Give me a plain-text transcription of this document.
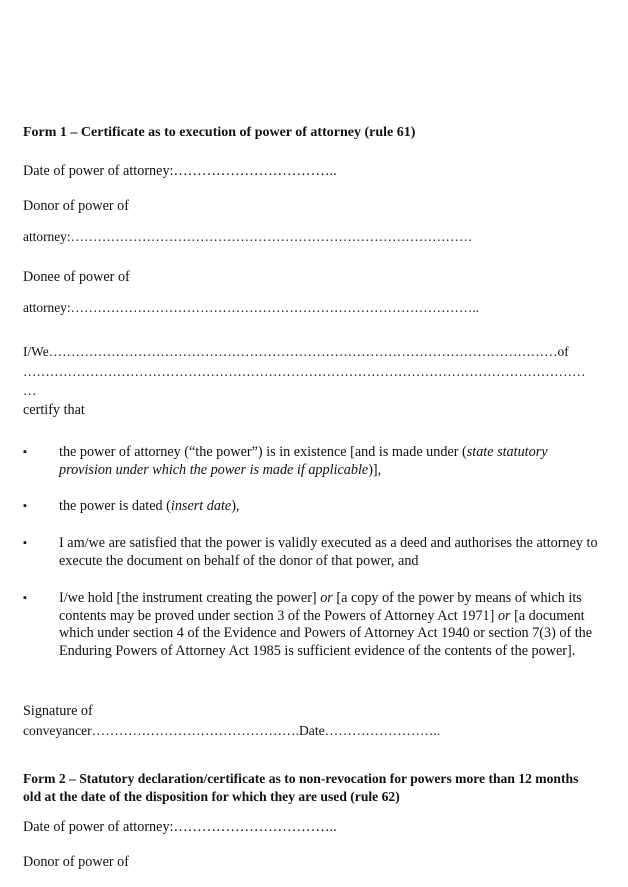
Form 1 – Certificate as to execution of power of attorney (rule 61)
Date of power of attorney:……………………………..
Donor of power of
attorney:………………………………………………………………………………
Donee of power of
attorney:………………………………………………………………………………..
I/We……………………………………………………………………………………………………of
………………………………………………………………………………………………………………
…
certify that
▪	the power of attorney (“the power”) is in existence [and is made under (state statutory provision under which the power is made if applicable)],
▪	the power is dated (insert date),
▪	I am/we are satisfied that the power is validly executed as a deed and authorises the attorney to execute the document on behalf of the donor of that power, and
▪	I/we hold [the instrument creating the power] or [a copy of the power by means of which its contents may be proved under section 3 of the Powers of Attorney Act 1971] or [a document which under section 4 of the Evidence and Powers of Attorney Act 1940 or section 7(3) of the Enduring Powers of Attorney Act 1985 is sufficient evidence of the contents of the power].
Signature of
conveyancer……………………………………….Date……………………..
Form 2 – Statutory declaration/certificate as to non-revocation for powers more than 12 months old at the date of the disposition for which they are used (rule 62)
Date of power of attorney:……………………………..
Donor of power of
